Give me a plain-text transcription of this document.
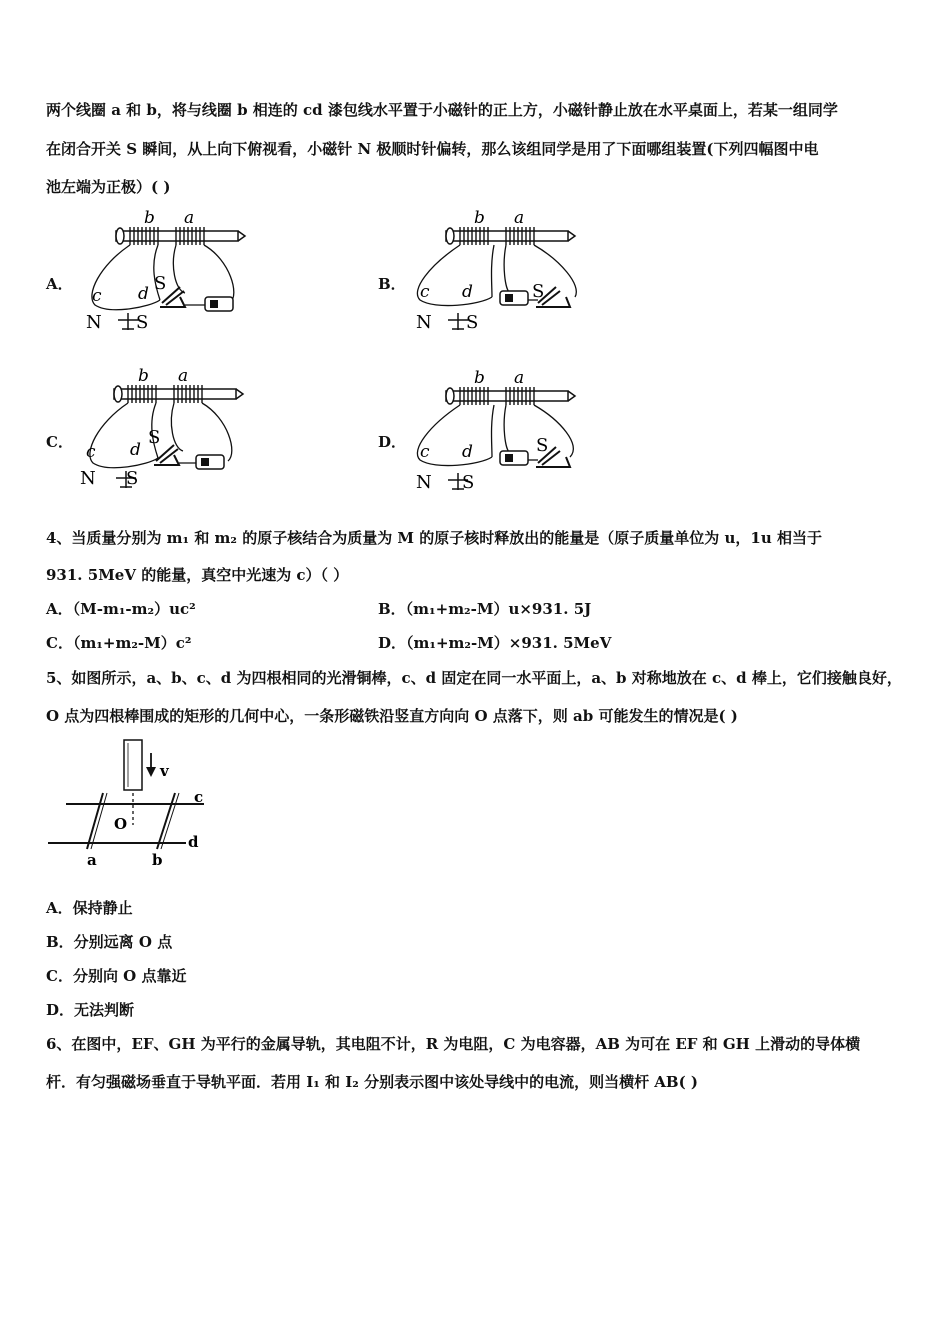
两个线圈 a 和 b，将与线圈 b 相连的 cd 漆包线水平置于小磁针的正上方，小磁针静止放在水平桌面上，若某一组同学
在闭合开关 S 瞬间，从上向下俯视看，小磁针 N 极顺时针偏转，那么该组同学是用了下面哪组装置(下列四幅图中电
池左端为正极）( )
A．	B．
C．	D．
b a
c d S
N S
b a
c d	S
N S
b a
c d
S
N S
b a
c d	S
N S
4、当质量分别为 m₁ 和 m₂ 的原子核结合为质量为 M 的原子核时释放出的能量是（原子质量单位为 u，1u 相当于
931. 5MeV 的能量，真空中光速为 c）（ ）
A．（M-m₁-m₂）uc²	B．（m₁+m₂-M）u×931. 5J
C．（m₁+m₂-M）c²	D．（m₁+m₂-M）×931. 5MeV
5、如图所示，a、b、c、d 为四根相同的光滑铜棒，c、d 固定在同一水平面上，a、b 对称地放在 c、d 棒上，它们接触良好，
O 点为四根棒围成的矩形的几何中心，一条形磁铁沿竖直方向向 O 点落下，则 ab 可能发生的情况是( )
v
c
O
d
a	b
A．保持静止
B．分别远离 O 点
C．分别向 O 点靠近
D．无法判断
6、在图中，EF、GH 为平行的金属导轨，其电阻不计，R 为电阻，C 为电容器，AB 为可在 EF 和 GH 上滑动的导体横
杆．有匀强磁场垂直于导轨平面．若用 I₁ 和 I₂ 分别表示图中该处导线中的电流，则当横杆 AB( )
